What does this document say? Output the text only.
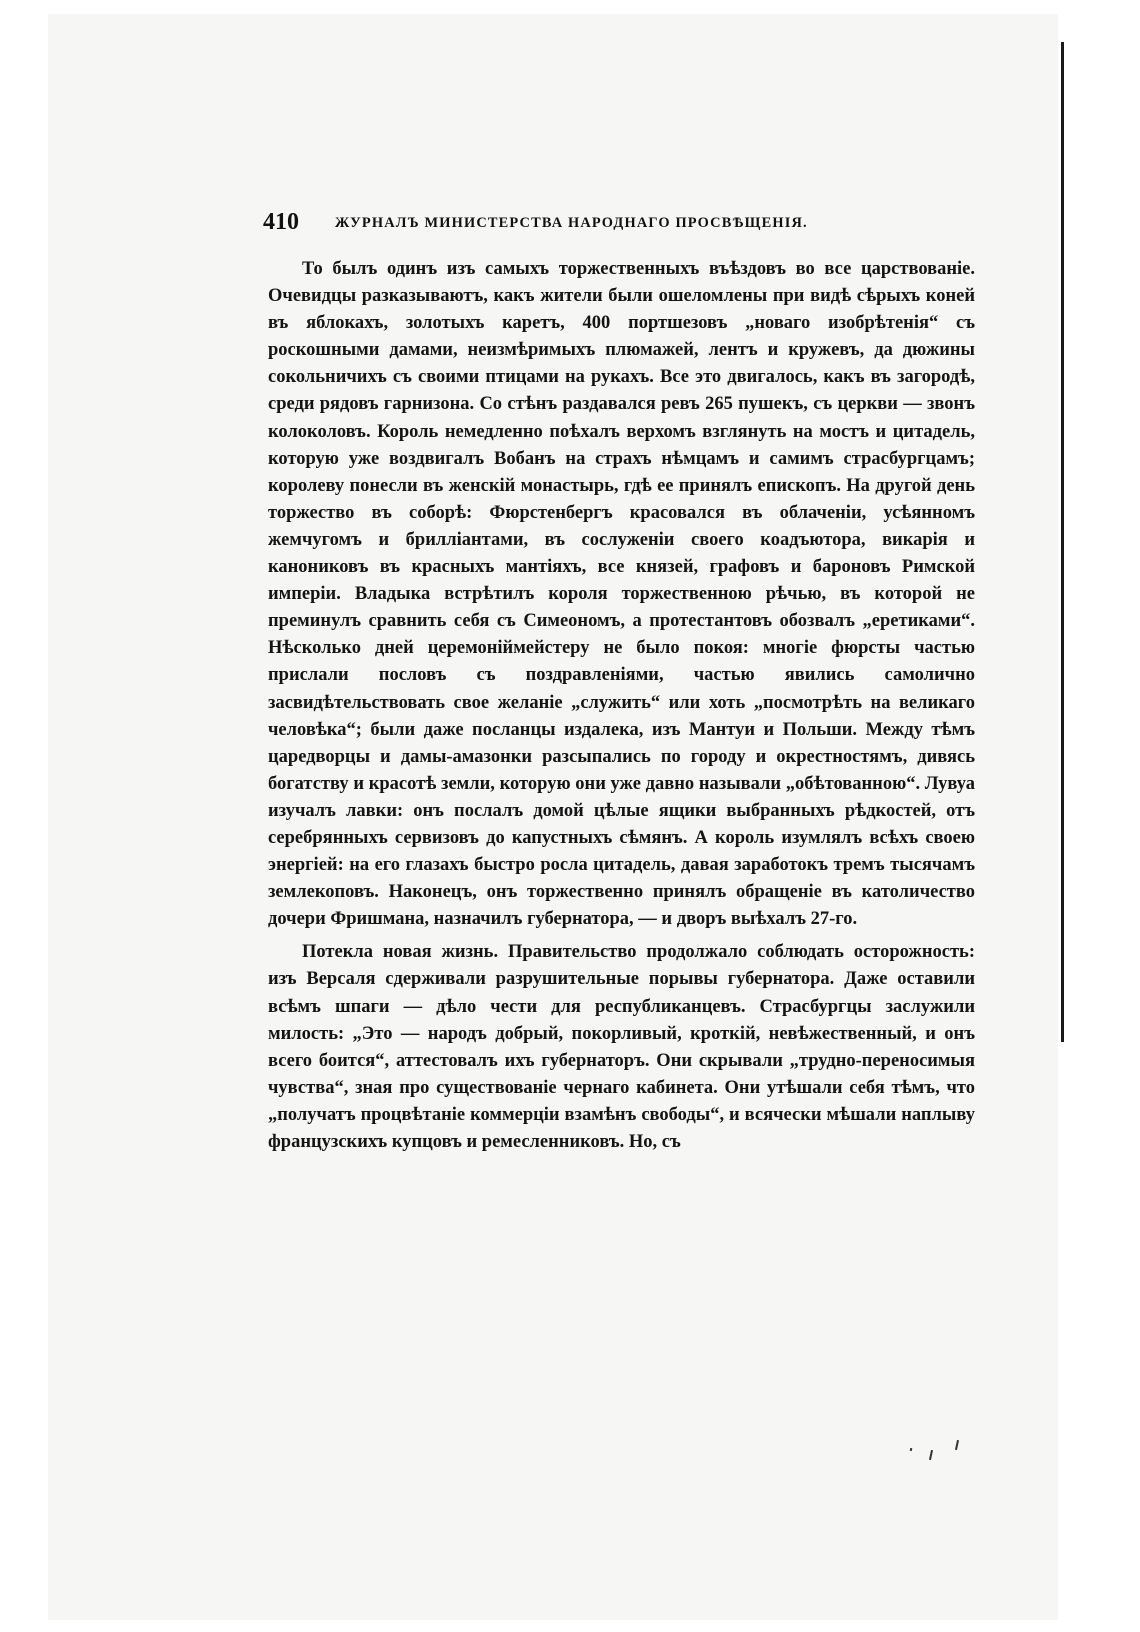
410 ЖУРНАЛЪ МИНИСТЕРСТВА НАРОДНАГО ПРОСВѢЩЕНІЯ.

То былъ одинъ изъ самыхъ торжественныхъ въѣздовъ во все царствованіе. Очевидцы разказываютъ, какъ жители были ошеломлены при видѣ сѣрыхъ коней въ яблокахъ, золотыхъ каретъ, 400 портшезовъ „новаго изобрѣтенія“ съ роскошными дамами, неизмѣримыхъ плюмажей, лентъ и кружевъ, да дюжины сокольничихъ съ своими птицами на рукахъ. Все это двигалось, какъ въ загородѣ, среди рядовъ гарнизона. Со стѣнъ раздавался ревъ 265 пушекъ, съ церкви — звонъ колоколовъ. Король немедленно поѣхалъ верхомъ взглянуть на мостъ и цитадель, которую уже воздвигалъ Вобанъ на страхъ нѣмцамъ и самимъ страсбургцамъ; королеву понесли въ женскій монастырь, гдѣ ее принялъ епископъ. На другой день торжество въ соборѣ: Фюрстенбергъ красовался въ облаченіи, усѣянномъ жемчугомъ и брилліантами, въ сослуженіи своего коадъютора, викарія и канониковъ въ красныхъ мантіяхъ, все князей, графовъ и бароновъ Римской имперіи. Владыка встрѣтилъ короля торжественною рѣчью, въ которой не преминулъ сравнить себя съ Симеономъ, а протестантовъ обозвалъ „еретиками“. Нѣсколько дней церемоніймейстеру не было покоя: многіе фюрсты частью прислали пословъ съ поздравленіями, частью явились самолично засвидѣтельствовать свое желаніе „служить“ или хоть „посмотрѣть на великаго человѣка“; были даже посланцы издалека, изъ Мантуи и Польши. Между тѣмъ царедворцы и дамы-амазонки разсыпались по городу и окрестностямъ, дивясь богатству и красотѣ земли, которую они уже давно называли „обѣтованною“. Лувуа изучалъ лавки: онъ послалъ домой цѣлые ящики выбранныхъ рѣдкостей, отъ серебрянныхъ сервизовъ до капустныхъ сѣмянъ. А король изумлялъ всѣхъ своею энергіей: на его глазахъ быстро росла цитадель, давая заработокъ тремъ тысячамъ землекоповъ. Наконецъ, онъ торжественно принялъ обращеніе въ католичество дочери Фришмана, назначилъ губернатора, — и дворъ выѣхалъ 27-го.

Потекла новая жизнь. Правительство продолжало соблюдать осторожность: изъ Версаля сдерживали разрушительные порывы губернатора. Даже оставили всѣмъ шпаги — дѣло чести для республиканцевъ. Страсбургцы заслужили милость: „Это — народъ добрый, покорливый, кроткій, невѣжественный, и онъ всего боится“, аттестовалъ ихъ губернаторъ. Они скрывали „трудно-переносимыя чувства“, зная про существованіе чернаго кабинета. Они утѣшали себя тѣмъ, что „получатъ процвѣтаніе коммерціи взамѣнъ свободы“, и всячески мѣшали наплыву французскихъ купцовъ и ремесленниковъ. Но, съ
